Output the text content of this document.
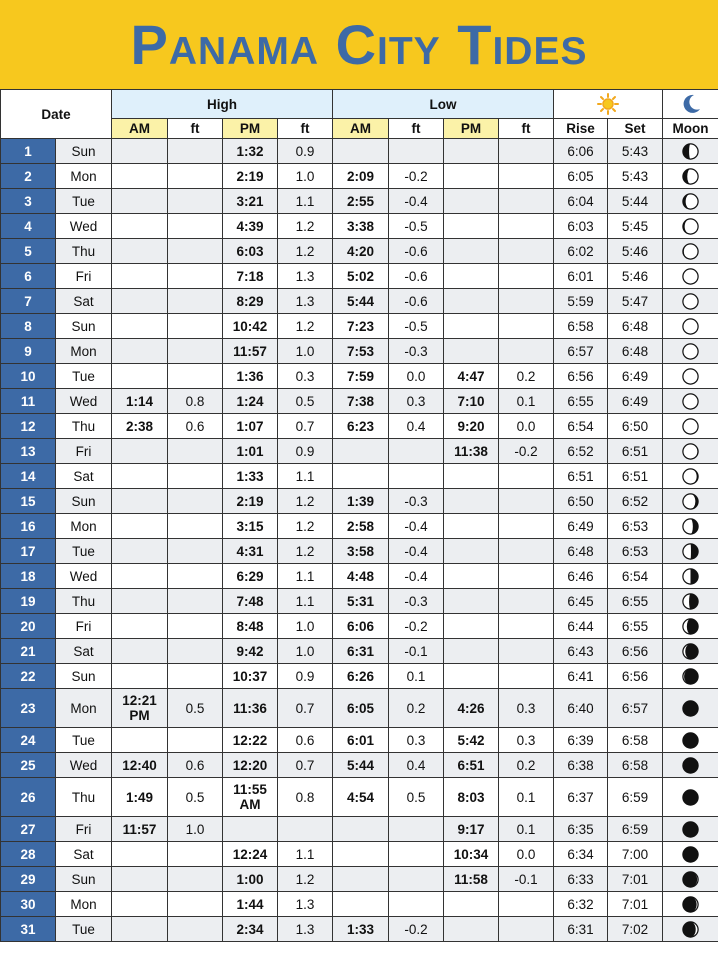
Panama City Tides
Date		High				Low	

		AM	ft	PM	ft	AM	ft	PM	ft	Rise	Set	Moon
1	Sun			1:32	0.9					6:06	5:43	
2	Mon			2:19	1.0	2:09	-0.2			6:05	5:43	
3	Tue			3:21	1.1	2:55	-0.4			6:04	5:44	
4	Wed			4:39	1.2	3:38	-0.5			6:03	5:45	
5	Thu			6:03	1.2	4:20	-0.6			6:02	5:46	
6	Fri			7:18	1.3	5:02	-0.6			6:01	5:46	
7	Sat			8:29	1.3	5:44	-0.6			5:59	5:47	
8	Sun			10:42	1.2	7:23	-0.5			6:58	6:48	
9	Mon			11:57	1.0	7:53	-0.3			6:57	6:48	
10	Tue			1:36	0.3	7:59	0.0	4:47	0.2	6:56	6:49	
11	Wed	1:14	0.8	1:24	0.5	7:38	0.3	7:10	0.1	6:55	6:49	
12	Thu	2:38	0.6	1:07	0.7	6:23	0.4	9:20	0.0	6:54	6:50	
13	Fri			1:01	0.9			11:38	-0.2	6:52	6:51	
14	Sat			1:33	1.1					6:51	6:51	
15	Sun			2:19	1.2	1:39	-0.3			6:50	6:52	
16	Mon			3:15	1.2	2:58	-0.4			6:49	6:53	
17	Tue			4:31	1.2	3:58	-0.4			6:48	6:53	
18	Wed			6:29	1.1	4:48	-0.4			6:46	6:54	
19	Thu			7:48	1.1	5:31	-0.3			6:45	6:55	
20	Fri			8:48	1.0	6:06	-0.2			6:44	6:55	
21	Sat			9:42	1.0	6:31	-0.1			6:43	6:56	
22	Sun			10:37	0.9	6:26	0.1			6:41	6:56	
23	Mon	12:21 PM	0.5	11:36	0.7	6:05	0.2	4:26	0.3	6:40	6:57	
24	Tue			12:22	0.6	6:01	0.3	5:42	0.3	6:39	6:58	
25	Wed	12:40	0.6	12:20	0.7	5:44	0.4	6:51	0.2	6:38	6:58	
26	Thu	1:49	0.5	11:55 AM	0.8	4:54	0.5	8:03	0.1	6:37	6:59	
27	Fri	11:57	1.0					9:17	0.1	6:35	6:59	
28	Sat			12:24	1.1			10:34	0.0	6:34	7:00	
29	Sun			1:00	1.2			11:58	-0.1	6:33	7:01	
30	Mon			1:44	1.3					6:32	7:01	
31	Tue			2:34	1.3	1:33	-0.2			6:31	7:02	
